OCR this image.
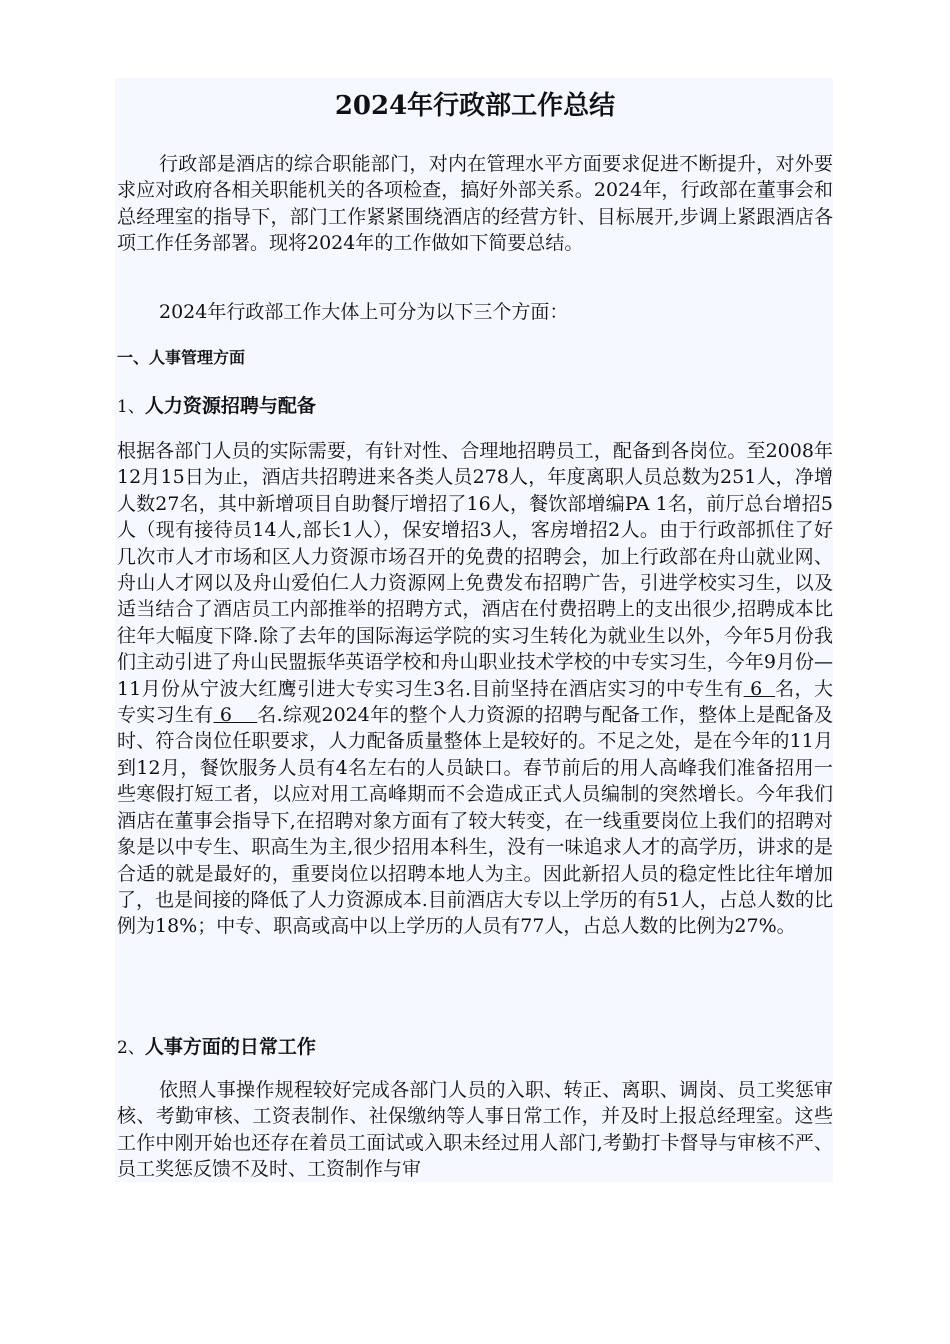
2024年行政部工作总结

行政部是酒店的综合职能部门，对内在管理水平方面要求促进不断提升，对外要求应对政府各相关职能机关的各项检查，搞好外部关系。2024年，行政部在董事会和总经理室的指导下，部门工作紧紧围绕酒店的经营方针、目标展开,步调上紧跟酒店各项工作任务部署。现将2024年的工作做如下简要总结。

2024年行政部工作大体上可分为以下三个方面：

一、人事管理方面

1、人力资源招聘与配备

根据各部门人员的实际需要，有针对性、合理地招聘员工，配备到各岗位。至2008年12月15日为止，酒店共招聘进来各类人员278人，年度离职人员总数为251人，净增人数27名，其中新增项目自助餐厅增招了16人，餐饮部增编PA 1名，前厅总台增招5人（现有接待员14人,部长1人），保安增招3人，客房增招2人。由于行政部抓住了好几次市人才市场和区人力资源市场召开的免费的招聘会，加上行政部在舟山就业网、舟山人才网以及舟山爱伯仁人力资源网上免费发布招聘广告，引进学校实习生，以及适当结合了酒店员工内部推举的招聘方式，酒店在付费招聘上的支出很少,招聘成本比往年大幅度下降.除了去年的国际海运学院的实习生转化为就业生以外，今年5月份我们主动引进了舟山民盟振华英语学校和舟山职业技术学校的中专实习生，今年9月份—11月份从宁波大红鹰引进大专实习生3名.目前坚持在酒店实习的中专生有 6  名，大专实习生有 6    名.综观2024年的整个人力资源的招聘与配备工作，整体上是配备及时、符合岗位任职要求，人力配备质量整体上是较好的。不足之处，是在今年的11月到12月，餐饮服务人员有4名左右的人员缺口。春节前后的用人高峰我们准备招用一些寒假打短工者，以应对用工高峰期而不会造成正式人员编制的突然增长。今年我们酒店在董事会指导下,在招聘对象方面有了较大转变，在一线重要岗位上我们的招聘对象是以中专生、职高生为主,很少招用本科生，没有一味追求人才的高学历，讲求的是合适的就是最好的，重要岗位以招聘本地人为主。因此新招人员的稳定性比往年增加了，也是间接的降低了人力资源成本.目前酒店大专以上学历的有51人，占总人数的比例为18%；中专、职高或高中以上学历的人员有77人，占总人数的比例为27%。

2、人事方面的日常工作

依照人事操作规程较好完成各部门人员的入职、转正、离职、调岗、员工奖惩审核、考勤审核、工资表制作、社保缴纳等人事日常工作，并及时上报总经理室。这些工作中刚开始也还存在着员工面试或入职未经过用人部门,考勤打卡督导与审核不严、员工奖惩反馈不及时、工资制作与审
